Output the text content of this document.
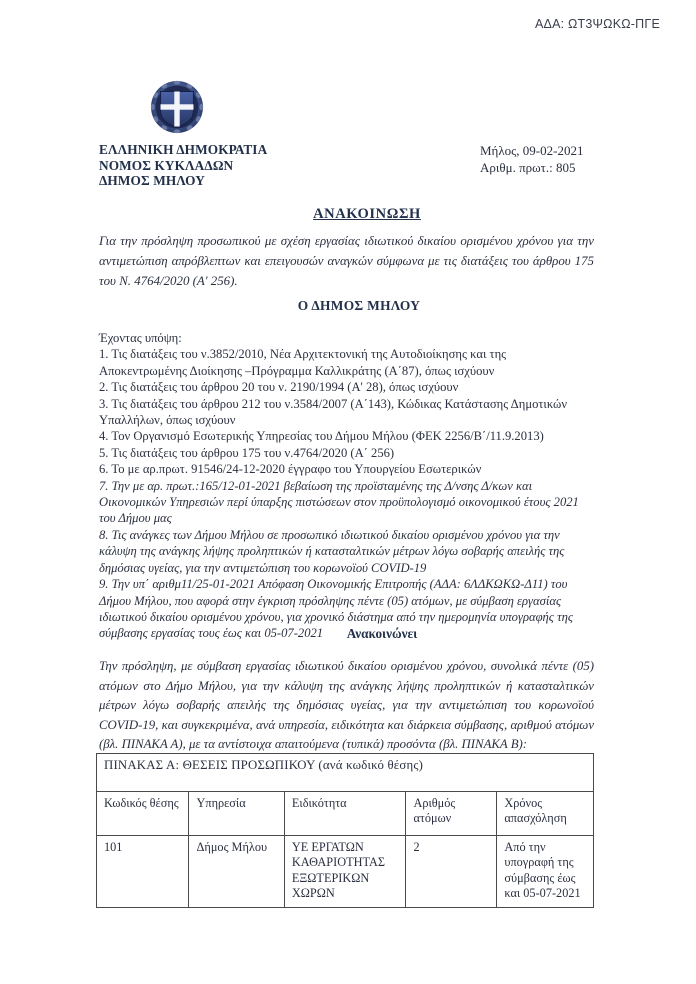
ΑΔΑ: ΩΤ3ΨΩΚΩ-ΠΓΕ
ΕΛΛΗΝΙΚΗ ΔΗΜΟΚΡΑΤΙΑ
ΝΟΜΟΣ ΚΥΚΛΑΔΩΝ
ΔΗΜΟΣ ΜΗΛΟΥ
Μήλος, 09-02-2021
Αριθμ. πρωτ.: 805
ΑΝΑΚΟΙΝΩΣΗ
Για την πρόσληψη προσωπικού με σχέση εργασίας ιδιωτικού δικαίου ορισμένου χρόνου για την αντιμετώπιση απρόβλεπτων και επειγουσών αναγκών σύμφωνα με τις διατάξεις του άρθρου 175 του Ν. 4764/2020 (Α' 256).
Ο ΔΗΜΟΣ ΜΗΛΟΥ
Έχοντας υπόψη:
1. Τις διατάξεις του ν.3852/2010, Νέα Αρχιτεκτονική της Αυτοδιοίκησης και της Αποκεντρωμένης Διοίκησης –Πρόγραμμα Καλλικράτης (Α΄87), όπως ισχύουν
2. Τις διατάξεις του άρθρου 20 του ν. 2190/1994 (Α' 28), όπως ισχύουν
3. Τις διατάξεις του άρθρου 212 του ν.3584/2007 (Α΄143), Κώδικας Κατάστασης Δημοτικών Υπαλλήλων, όπως ισχύουν
4. Τον Οργανισμό Εσωτερικής Υπηρεσίας του Δήμου Μήλου (ΦΕΚ 2256/Β΄/11.9.2013)
5. Τις διατάξεις του άρθρου 175 του ν.4764/2020 (Α΄ 256)
6. Το με αρ.πρωτ. 91546/24-12-2020 έγγραφο του Υπουργείου Εσωτερικών
7. Την με αρ. πρωτ.:165/12-01-2021 βεβαίωση της προϊσταμένης της Δ/νσης Δ/κων και Οικονομικών Υπηρεσιών περί ύπαρξης πιστώσεων στον προϋπολογισμό οικονομικού έτους 2021 του Δήμου μας
8. Τις ανάγκες των Δήμου Μήλου σε προσωπικό ιδιωτικού δικαίου ορισμένου χρόνου για την κάλυψη της ανάγκης λήψης προληπτικών ή κατασταλτικών μέτρων λόγω σοβαρής απειλής της δημόσιας υγείας, για την αντιμετώπιση του κορωνοϊού COVID-19
9. Την υπ΄ αριθμ11/25-01-2021 Απόφαση Οικονομικής Επιτροπής (ΑΔΑ: 6ΛΔΚΩΚΩ-Δ11) του Δήμου Μήλου, που αφορά στην έγκριση πρόσληψης πέντε (05) ατόμων, με σύμβαση εργασίας ιδιωτικού δικαίου ορισμένου χρόνου, για χρονικό διάστημα από την ημερομηνία υπογραφής της σύμβασης εργασίας τους έως και 05-07-2021	Ανακοινώνει
Την πρόσληψη, με σύμβαση εργασίας ιδιωτικού δικαίου ορισμένου χρόνου, συνολικά πέντε (05) ατόμων στο Δήμο Μήλου, για την κάλυψη της ανάγκης λήψης προληπτικών ή κατασταλτικών μέτρων λόγω σοβαρής απειλής της δημόσιας υγείας, για την αντιμετώπιση του κορωνοϊού COVID-19, και συγκεκριμένα, ανά υπηρεσία, ειδικότητα και διάρκεια σύμβασης, αριθμού ατόμων (βλ. ΠΙΝΑΚΑ Α), με τα αντίστοιχα απαιτούμενα (τυπικά) προσόντα (βλ. ΠΙΝΑΚΑ Β):
ΠΙΝΑΚΑΣ Α: ΘΕΣΕΙΣ ΠΡΟΣΩΠΙΚΟΥ (ανά κωδικό θέσης)				
Κωδικός θέσης	Υπηρεσία	Ειδικότητα	Αριθμός ατόμων	Χρόνος απασχόληση
101	Δήμος Μήλου	ΥΕ ΕΡΓΑΤΩΝ ΚΑΘΑΡΙΟΤΗΤΑΣ ΕΞΩΤΕΡΙΚΩΝ ΧΩΡΩΝ	2	Από την υπογραφή της σύμβασης έως και 05-07-2021
